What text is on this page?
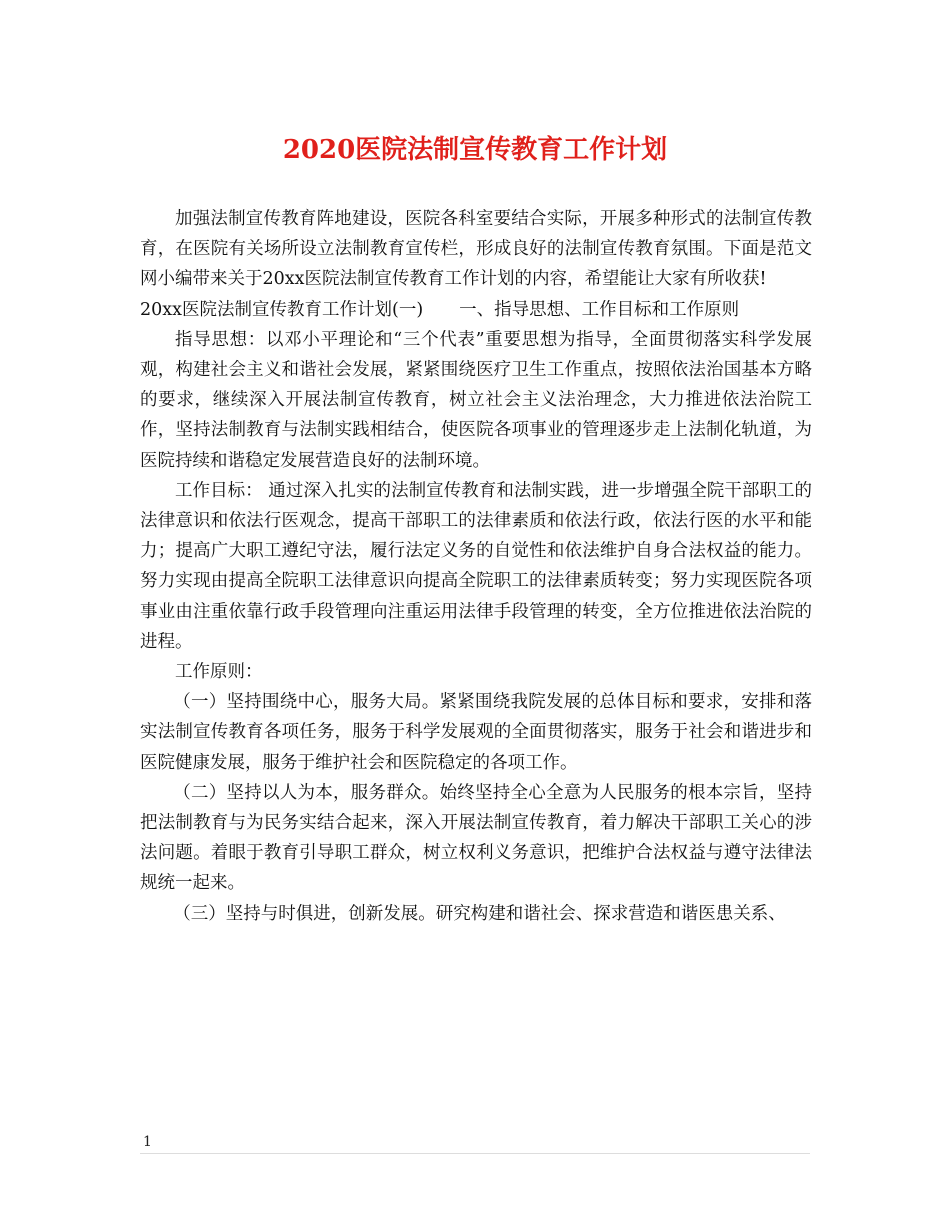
2020医院法制宣传教育工作计划

加强法制宣传教育阵地建设，医院各科室要结合实际，开展多种形式的法制宣传教育，在医院有关场所设立法制教育宣传栏，形成良好的法制宣传教育氛围。下面是范文网小编带来关于20xx医院法制宣传教育工作计划的内容，希望能让大家有所收获!

20xx医院法制宣传教育工作计划(一) 一、指导思想、工作目标和工作原则

指导思想：以邓小平理论和“三个代表”重要思想为指导，全面贯彻落实科学发展观，构建社会主义和谐社会发展，紧紧围绕医疗卫生工作重点，按照依法治国基本方略的要求，继续深入开展法制宣传教育，树立社会主义法治理念，大力推进依法治院工作，坚持法制教育与法制实践相结合，使医院各项事业的管理逐步走上法制化轨道，为医院持续和谐稳定发展营造良好的法制环境。

工作目标： 通过深入扎实的法制宣传教育和法制实践，进一步增强全院干部职工的法律意识和依法行医观念，提高干部职工的法律素质和依法行政，依法行医的水平和能力；提高广大职工遵纪守法，履行法定义务的自觉性和依法维护自身合法权益的能力。努力实现由提高全院职工法律意识向提高全院职工的法律素质转变；努力实现医院各项事业由注重依靠行政手段管理向注重运用法律手段管理的转变，全方位推进依法治院的进程。

工作原则：

（一）坚持围绕中心，服务大局。紧紧围绕我院发展的总体目标和要求，安排和落实法制宣传教育各项任务，服务于科学发展观的全面贯彻落实，服务于社会和谐进步和医院健康发展，服务于维护社会和医院稳定的各项工作。

（二）坚持以人为本，服务群众。始终坚持全心全意为人民服务的根本宗旨，坚持把法制教育与为民务实结合起来，深入开展法制宣传教育，着力解决干部职工关心的涉法问题。着眼于教育引导职工群众，树立权利义务意识，把维护合法权益与遵守法律法规统一起来。

（三）坚持与时俱进，创新发展。研究构建和谐社会、探求营造和谐医患关系、

1
